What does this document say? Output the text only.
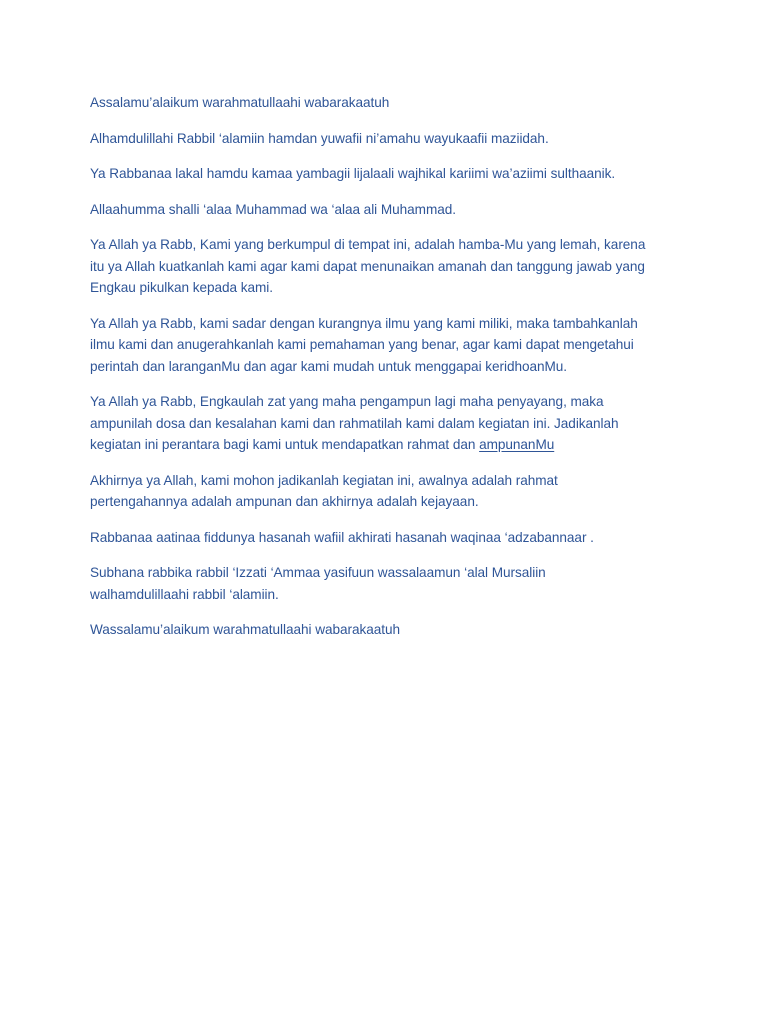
Assalamu’alaikum warahmatullaahi wabarakaatuh

Alhamdulillahi Rabbil ‘alamiin hamdan yuwafii ni’amahu wayukaafii maziidah.

Ya Rabbanaa lakal hamdu kamaa yambagii lijalaali wajhikal kariimi wa’aziimi sulthaanik.

Allaahumma shalli ‘alaa Muhammad wa ‘alaa ali Muhammad.

Ya Allah ya Rabb, Kami yang berkumpul di tempat ini, adalah hamba-Mu yang lemah, karena
itu ya Allah kuatkanlah kami agar kami dapat menunaikan amanah dan tanggung jawab yang
Engkau pikulkan kepada kami.

Ya Allah ya Rabb, kami sadar dengan kurangnya ilmu yang kami miliki, maka tambahkanlah
ilmu kami dan anugerahkanlah kami pemahaman yang benar, agar kami dapat mengetahui
perintah dan laranganMu dan agar kami mudah untuk menggapai keridhoanMu.

Ya Allah ya Rabb, Engkaulah zat yang maha pengampun lagi maha penyayang, maka
ampunilah dosa dan kesalahan kami dan rahmatilah kami dalam kegiatan ini. Jadikanlah
kegiatan ini perantara bagi kami untuk mendapatkan rahmat dan ampunanMu

Akhirnya ya Allah, kami mohon jadikanlah kegiatan ini, awalnya adalah rahmat
pertengahannya adalah ampunan dan akhirnya adalah kejayaan.

Rabbanaa aatinaa fiddunya hasanah wafiil akhirati hasanah waqinaa ‘adzabannaar .

Subhana rabbika rabbil ‘Izzati ‘Ammaa yasifuun wassalaamun ‘alal Mursaliin
walhamdulillaahi rabbil ‘alamiin.

Wassalamu’alaikum warahmatullaahi wabarakaatuh
